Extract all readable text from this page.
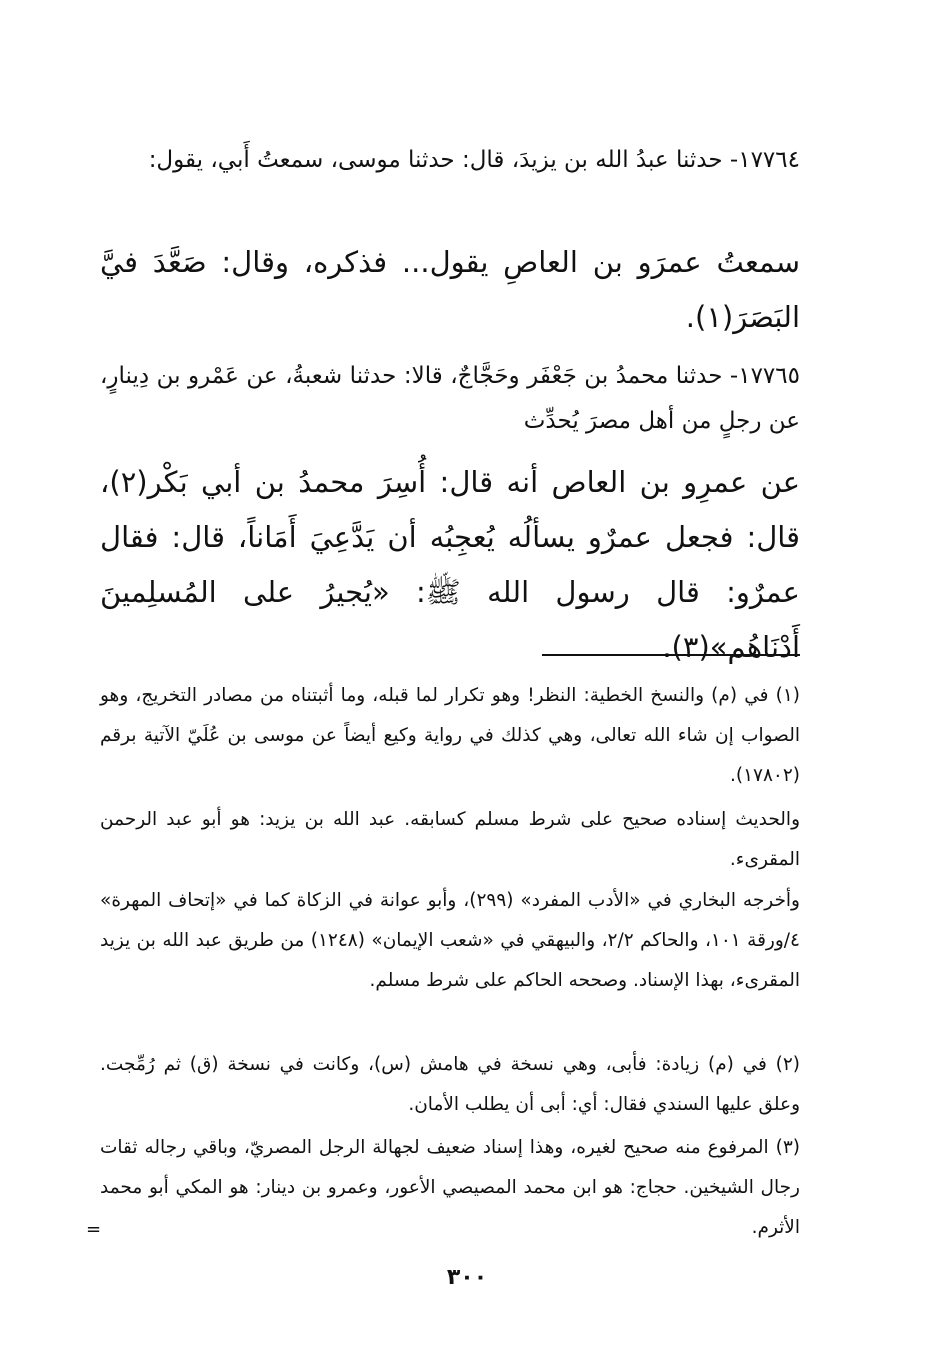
١٧٧٦٤- حدثنا عبدُ الله بن يزيدَ، قال: حدثنا موسى، سمعتُ أَبي، يقول:

سمعتُ عمرَو بن العاصِ يقول... فذكره، وقال: صَعَّدَ فيَّ البَصَرَ(١).

١٧٧٦٥- حدثنا محمدُ بن جَعْفَر وحَجَّاجٌ، قالا: حدثنا شعبةُ، عن عَمْرو بن دِينارٍ، عن رجلٍ من أهل مصرَ يُحدِّث

عن عمرِو بن العاص أنه قال: أُسِرَ محمدُ بن أبي بَكْر(٢)، قال: فجعل عمرٌو يسألُه يُعجِبُه أن يَدَّعِيَ أَمَاناً، قال: فقال عمرٌو: قال رسول الله ﷺ: «يُجيرُ على المُسلِمينَ أَدْنَاهُم»(٣).

(١) في (م) والنسخ الخطية: النظر! وهو تكرار لما قبله، وما أثبتناه من مصادر التخريج، وهو الصواب إن شاء الله تعالى، وهي كذلك في رواية وكيع أيضاً عن موسى بن عُلَيّ الآتية برقم (١٧٨٠٢).

والحديث إسناده صحيح على شرط مسلم كسابقه. عبد الله بن يزيد: هو أبو عبد الرحمن المقرىء.

وأخرجه البخاري في «الأدب المفرد» (٢٩٩)، وأبو عوانة في الزكاة كما في «إتحاف المهرة» ٤/ورقة ١٠١، والحاكم ٢/٢، والبيهقي في «شعب الإيمان» (١٢٤٨) من طريق عبد الله بن يزيد المقرىء، بهذا الإسناد. وصححه الحاكم على شرط مسلم.

(٢) في (م) زيادة: فأبى، وهي نسخة في هامش (س)، وكانت في نسخة (ق) ثم رُمِّجت. وعلق عليها السندي فقال: أي: أبى أن يطلب الأمان.

(٣) المرفوع منه صحيح لغيره، وهذا إسناد ضعيف لجهالة الرجل المصريّ، وباقي رجاله ثقات رجال الشيخين. حجاج: هو ابن محمد المصيصي الأعور، وعمرو بن دينار: هو المكي أبو محمد الأثرم.

=
٣٠٠
